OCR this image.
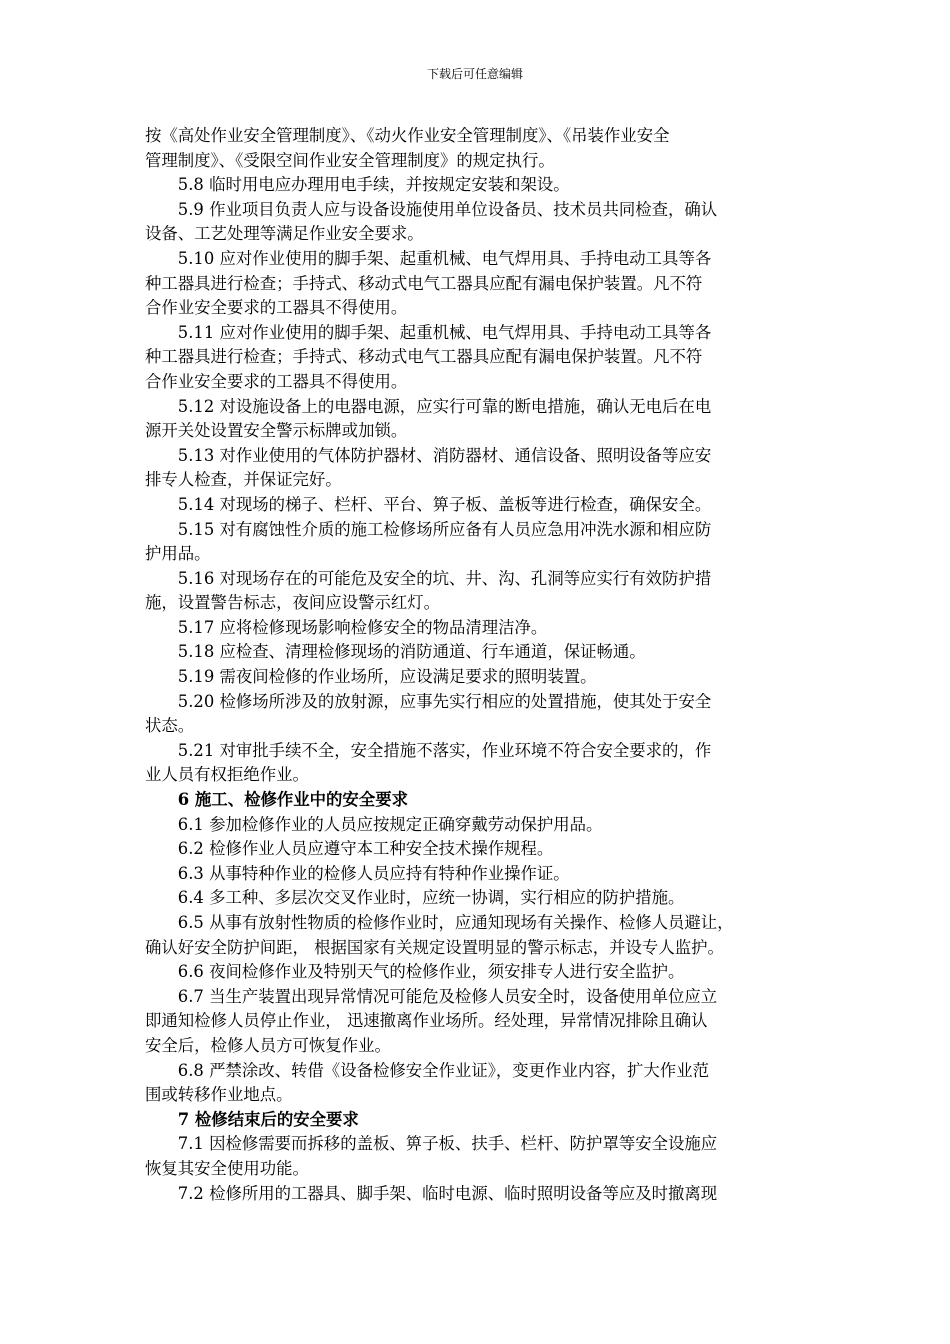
下载后可任意编辑

按《高处作业安全管理制度》、《动火作业安全管理制度》、《吊装作业安全

管理制度》、《受限空间作业安全管理制度》的规定执行。

5.8 临时用电应办理用电手续，并按规定安装和架设。

5.9 作业项目负责人应与设备设施使用单位设备员、技术员共同检查，确认

设备、工艺处理等满足作业安全要求。

5.10 应对作业使用的脚手架、起重机械、电气焊用具、手持电动工具等各

种工器具进行检查；手持式、移动式电气工器具应配有漏电保护装置。凡不符

合作业安全要求的工器具不得使用。

5.11 应对作业使用的脚手架、起重机械、电气焊用具、手持电动工具等各

种工器具进行检查；手持式、移动式电气工器具应配有漏电保护装置。凡不符

合作业安全要求的工器具不得使用。

5.12 对设施设备上的电器电源，应实行可靠的断电措施，确认无电后在电

源开关处设置安全警示标牌或加锁。

5.13 对作业使用的气体防护器材、消防器材、通信设备、照明设备等应安

排专人检查，并保证完好。

5.14 对现场的梯子、栏杆、平台、箅子板、盖板等进行检查，确保安全。

5.15 对有腐蚀性介质的施工检修场所应备有人员应急用冲洗水源和相应防

护用品。

5.16 对现场存在的可能危及安全的坑、井、沟、孔洞等应实行有效防护措

施，设置警告标志，夜间应设警示红灯。

5.17 应将检修现场影响检修安全的物品清理洁净。

5.18 应检查、清理检修现场的消防通道、行车通道，保证畅通。

5.19 需夜间检修的作业场所，应设满足要求的照明装置。

5.20 检修场所涉及的放射源，应事先实行相应的处置措施，使其处于安全

状态。

5.21 对审批手续不全，安全措施不落实，作业环境不符合安全要求的，作

业人员有权拒绝作业。

6 施工、检修作业中的安全要求

6.1 参加检修作业的人员应按规定正确穿戴劳动保护用品。

6.2 检修作业人员应遵守本工种安全技术操作规程。

6.3 从事特种作业的检修人员应持有特种作业操作证。

6.4 多工种、多层次交叉作业时，应统一协调，实行相应的防护措施。

6.5 从事有放射性物质的检修作业时，应通知现场有关操作、检修人员避让，

确认好安全防护间距， 根据国家有关规定设置明显的警示标志，并设专人监护。

6.6 夜间检修作业及特别天气的检修作业，须安排专人进行安全监护。

6.7 当生产装置出现异常情况可能危及检修人员安全时，设备使用单位应立

即通知检修人员停止作业， 迅速撤离作业场所。经处理，异常情况排除且确认

安全后，检修人员方可恢复作业。

6.8 严禁涂改、转借《设备检修安全作业证》，变更作业内容，扩大作业范

围或转移作业地点。

7 检修结束后的安全要求

7.1 因检修需要而拆移的盖板、箅子板、扶手、栏杆、防护罩等安全设施应

恢复其安全使用功能。

7.2 检修所用的工器具、脚手架、临时电源、临时照明设备等应及时撤离现
